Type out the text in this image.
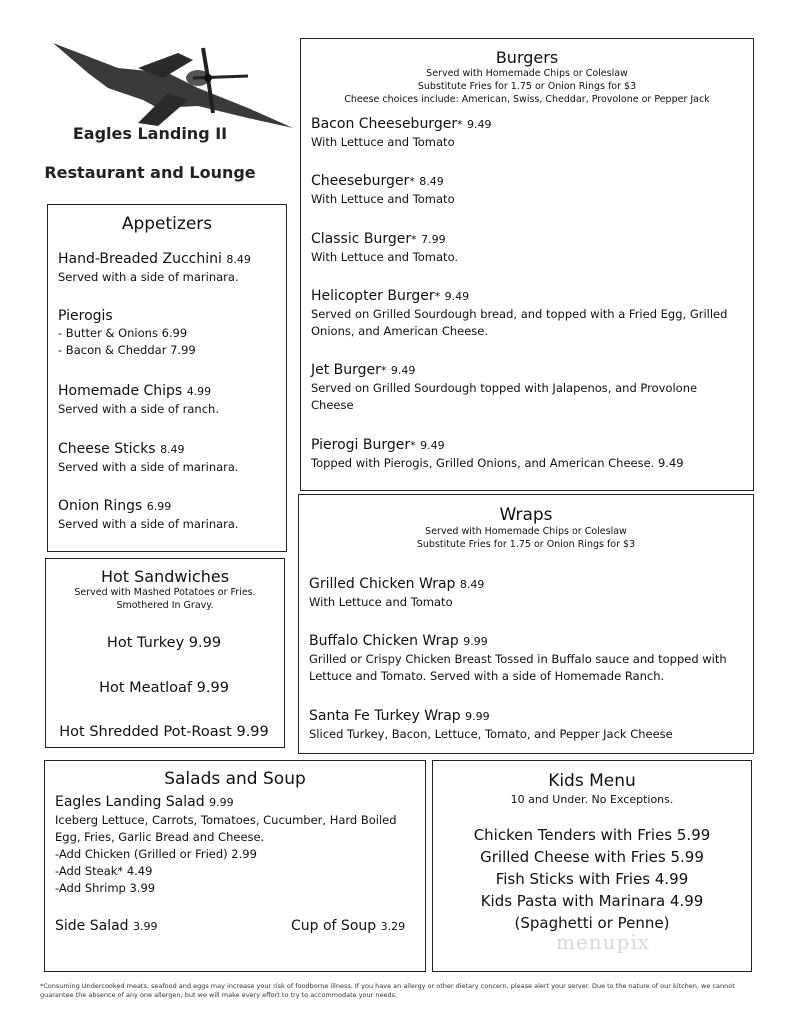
Eagles Landing II
Restaurant and Lounge
Burgers
Served with Homemade Chips or Coleslaw
Substitute Fries for 1.75 or Onion Rings for $3
Cheese choices include: American, Swiss, Cheddar, Provolone or Pepper Jack
Bacon Cheeseburger* 9.49
With Lettuce and Tomato
Cheeseburger* 8.49
With Lettuce and Tomato
Classic Burger* 7.99
With Lettuce and Tomato.
Helicopter Burger* 9.49
Served on Grilled Sourdough bread, and topped with a Fried Egg, Grilled
Onions, and American Cheese.
Jet Burger* 9.49
Served on Grilled Sourdough topped with Jalapenos, and Provolone
Cheese
Pierogi Burger* 9.49
Topped with Pierogis, Grilled Onions, and American Cheese. 9.49
Appetizers
Hand-Breaded Zucchini 8.49
Served with a side of marinara.
Pierogis
- Butter & Onions 6.99
- Bacon & Cheddar 7.99
Homemade Chips 4.99
Served with a side of ranch.
Cheese Sticks 8.49
Served with a side of marinara.
Onion Rings 6.99
Served with a side of marinara.
Hot Sandwiches
Served with Mashed Potatoes or Fries.
Smothered In Gravy.
Hot Turkey 9.99
Hot Meatloaf 9.99
Hot Shredded Pot-Roast 9.99
Wraps
Served with Homemade Chips or Coleslaw
Substitute Fries for 1.75 or Onion Rings for $3
Grilled Chicken Wrap 8.49
With Lettuce and Tomato
Buffalo Chicken Wrap 9.99
Grilled or Crispy Chicken Breast Tossed in Buffalo sauce and topped with
Lettuce and Tomato. Served with a side of Homemade Ranch.
Santa Fe Turkey Wrap 9.99
Sliced Turkey, Bacon, Lettuce, Tomato, and Pepper Jack Cheese
Salads and Soup
Eagles Landing Salad 9.99
Iceberg Lettuce, Carrots, Tomatoes, Cucumber, Hard Boiled
Egg, Fries, Garlic Bread and Cheese.
-Add Chicken (Grilled or Fried) 2.99
-Add Steak* 4.49
-Add Shrimp 3.99
Side Salad 3.99	Cup of Soup 3.29
Kids Menu
10 and Under. No Exceptions.
Chicken Tenders with Fries 5.99
Grilled Cheese with Fries 5.99
Fish Sticks with Fries 4.99
Kids Pasta with Marinara 4.99
(Spaghetti or Penne)
menupix
*Consuming Undercooked meats, seafood and eggs may increase your risk of foodborne illness. If you have an allergy or other dietary concern, please alert your server. Due to the nature of our kitchen, we cannot
guarantee the absence of any one allergen; but we will make every effort to try to accommodate your needs.
